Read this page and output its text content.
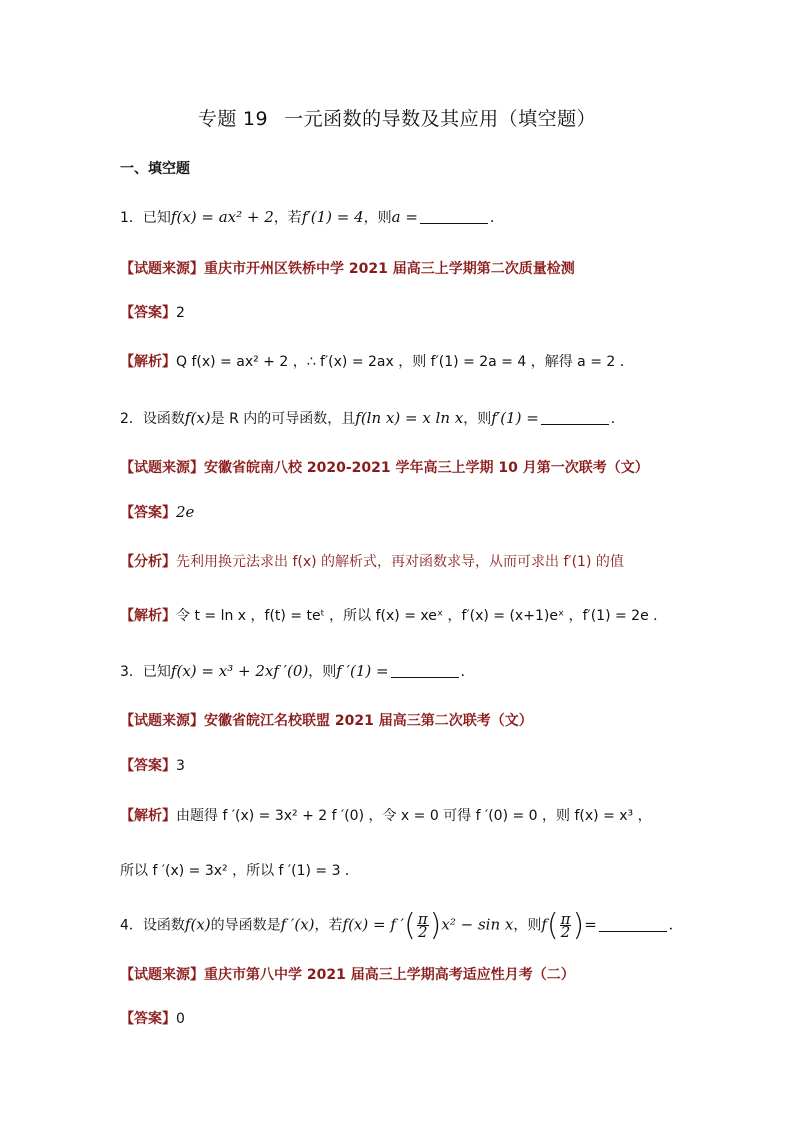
专题 19 一元函数的导数及其应用（填空题）
一、填空题
1．已知f(x) = ax² + 2，若f′(1) = 4，则a =	．
【试题来源】重庆市开州区铁桥中学 2021 届高三上学期第二次质量检测
【答案】2
【解析】Q f(x) = ax² + 2 ，∴ f′(x) = 2ax ，则 f′(1) = 2a = 4 ，解得 a = 2 ．
2．设函数f(x)是 R 内的可导函数，且f(ln x) = x ln x，则f′(1) =	．
【试题来源】安徽省皖南八校 2020-2021 学年高三上学期 10 月第一次联考（文）
【答案】2e
【分析】先利用换元法求出 f(x) 的解析式，再对函数求导，从而可求出 f′(1) 的值
【解析】令 t = ln x ，f(t) = teᵗ ，所以 f(x) = xeˣ ，f′(x) = (x+1)eˣ ，f′(1) = 2e ．
3．已知f(x) = x³ + 2xf ′(0)，则f ′(1) =	．
【试题来源】安徽省皖江名校联盟 2021 届高三第二次联考（文）
【答案】3
【解析】由题得 f ′(x) = 3x² + 2 f ′(0) ，令 x = 0 可得 f ′(0) = 0 ，则 f(x) = x³ ，
所以 f ′(x) = 3x² ，所以 f ′(1) = 3 ．
4．设函数f(x)的导函数是f ′(x)，若f(x) = f ′( $\frac{\pi}{2} )x^2 - \sin x$，则$f( \frac{\pi}{2}$ )=	．
【试题来源】重庆市第八中学 2021 届高三上学期高考适应性月考（二）
【答案】0
